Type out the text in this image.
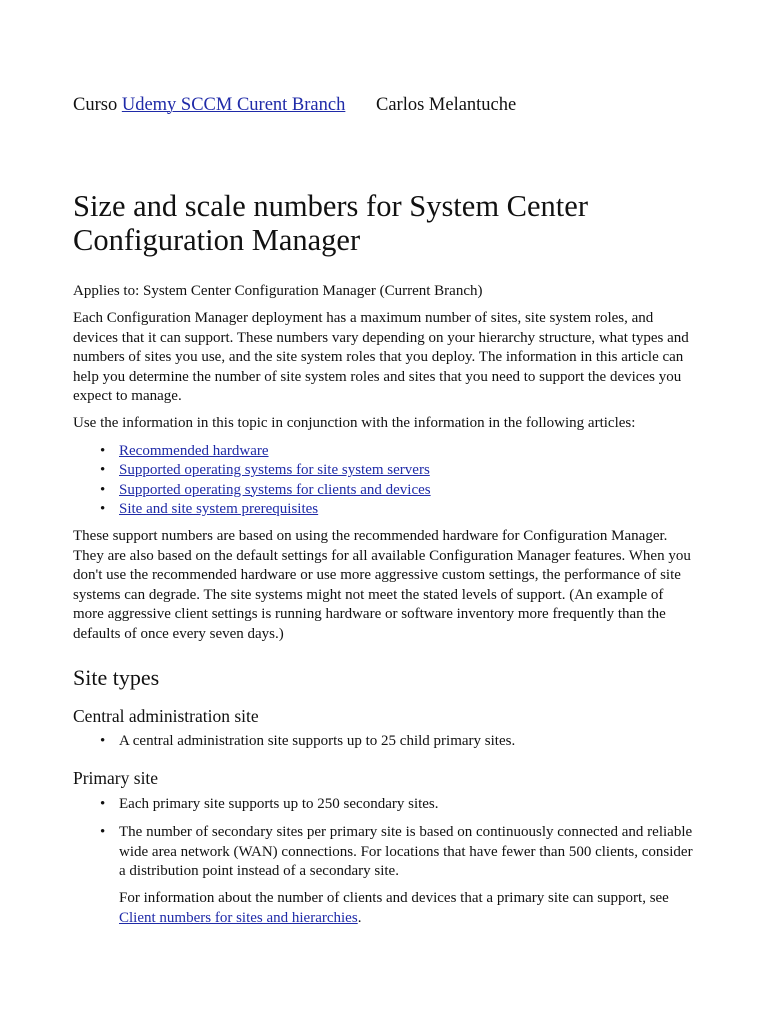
Curso Udemy SCCM Curent Branch Carlos Melantuche
Size and scale numbers for System Center Configuration Manager

Applies to: System Center Configuration Manager (Current Branch)

Each Configuration Manager deployment has a maximum number of sites, site system roles, and devices that it can support. These numbers vary depending on your hierarchy structure, what types and numbers of sites you use, and the site system roles that you deploy. The information in this article can help you determine the number of site system roles and sites that you need to support the devices you expect to manage.

Use the information in this topic in conjunction with the information in the following articles:

• Recommended hardware
• Supported operating systems for site system servers
• Supported operating systems for clients and devices
• Site and site system prerequisites

These support numbers are based on using the recommended hardware for Configuration Manager. They are also based on the default settings for all available Configuration Manager features. When you don't use the recommended hardware or use more aggressive custom settings, the performance of site systems can degrade. The site systems might not meet the stated levels of support. (An example of more aggressive client settings is running hardware or software inventory more frequently than the defaults of once every seven days.)

Site types
Central administration site
• A central administration site supports up to 25 child primary sites.
Primary site
• Each primary site supports up to 250 secondary sites.
• The number of secondary sites per primary site is based on continuously connected and reliable wide area network (WAN) connections. For locations that have fewer than 500 clients, consider a distribution point instead of a secondary site.

For information about the number of clients and devices that a primary site can support, see Client numbers for sites and hierarchies.
